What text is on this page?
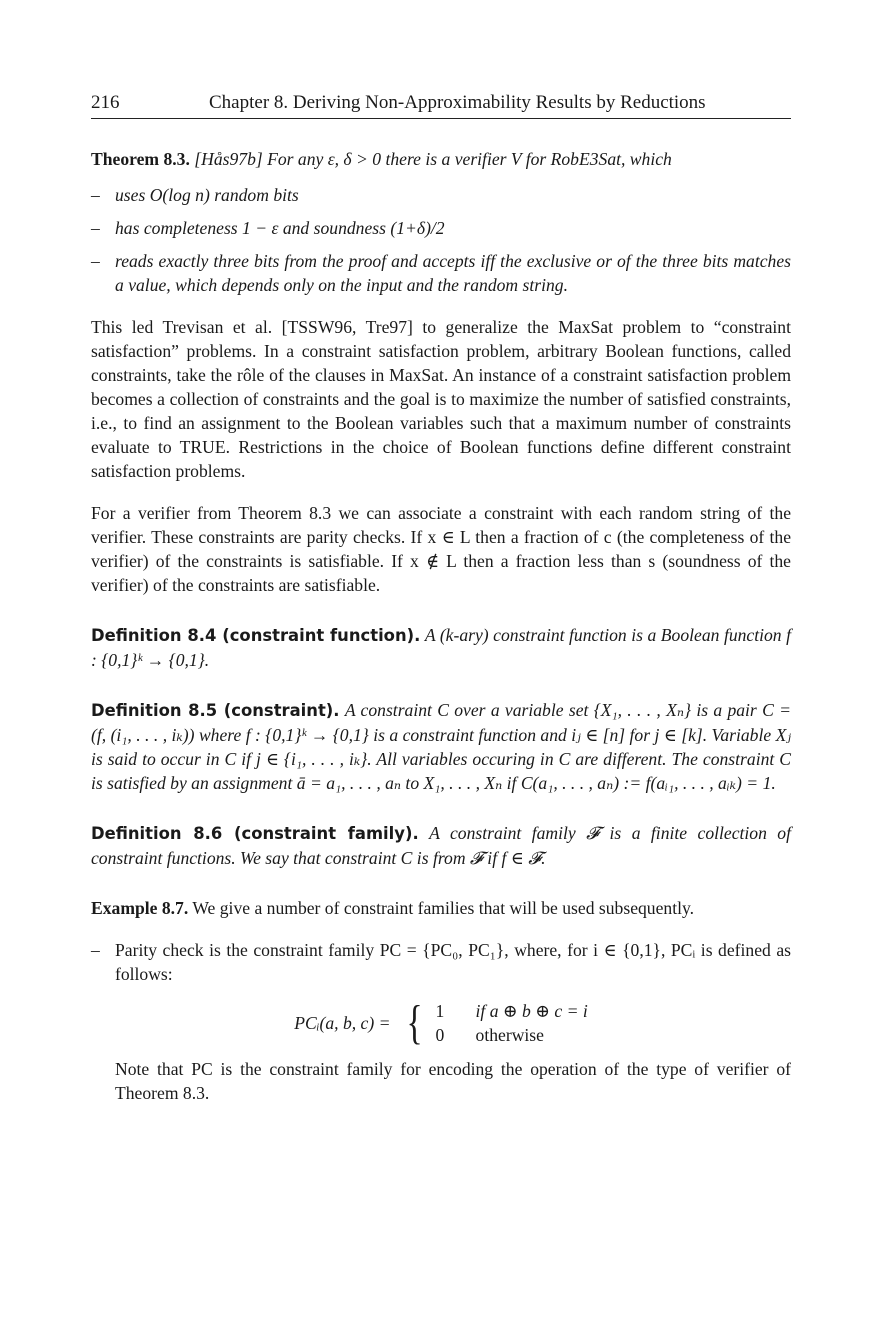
216	Chapter 8. Deriving Non-Approximability Results by Reductions

Theorem 8.3. [Hås97b] For any ε, δ > 0 there is a verifier V for RobE3Sat, which

– uses O(log n) random bits
– has completeness 1 − ε and soundness (1+δ)/2
– reads exactly three bits from the proof and accepts iff the exclusive or of the three bits matches a value, which depends only on the input and the random string.

This led Trevisan et al. [TSSW96, Tre97] to generalize the MaxSat problem to “constraint satisfaction” problems. In a constraint satisfaction problem, arbitrary Boolean functions, called constraints, take the rôle of the clauses in MaxSat. An instance of a constraint satisfaction problem becomes a collection of constraints and the goal is to maximize the number of satisfied constraints, i.e., to find an assignment to the Boolean variables such that a maximum number of constraints evaluate to TRUE. Restrictions in the choice of Boolean functions define different constraint satisfaction problems.

For a verifier from Theorem 8.3 we can associate a constraint with each random string of the verifier. These constraints are parity checks. If x ∈ L then a fraction of c (the completeness of the verifier) of the constraints is satisfiable. If x ∉ L then a fraction less than s (soundness of the verifier) of the constraints are satisfiable.

Definition 8.4 (constraint function). A (k-ary) constraint function is a Boolean function f : {0,1}ᵏ → {0,1}.

Definition 8.5 (constraint). A constraint C over a variable set {X₁, . . . , Xₙ} is a pair C = (f, (i₁, . . . , iₖ)) where f : {0,1}ᵏ → {0,1} is a constraint function and iⱼ ∈ [n] for j ∈ [k]. Variable Xⱼ is said to occur in C if j ∈ {i₁, . . . , iₖ}. All variables occuring in C are different. The constraint C is satisfied by an assignment ā = a₁, . . . , aₙ to X₁, . . . , Xₙ if C(a₁, . . . , aₙ) := f(aᵢ₁, . . . , aᵢₖ) = 1.

Definition 8.6 (constraint family). A constraint family 𝓕 is a finite collection of constraint functions. We say that constraint C is from 𝓕 if f ∈ 𝓕.

Example 8.7. We give a number of constraint families that will be used subsequently.

– Parity check is the constraint family PC = {PC₀, PC₁}, where, for i ∈ {0,1}, PCᵢ is defined as follows:
PCᵢ(a, b, c) = { 1	if a ⊕ b ⊕ c = i
0	otherwise

Note that PC is the constraint family for encoding the operation of the type of verifier of Theorem 8.3.
